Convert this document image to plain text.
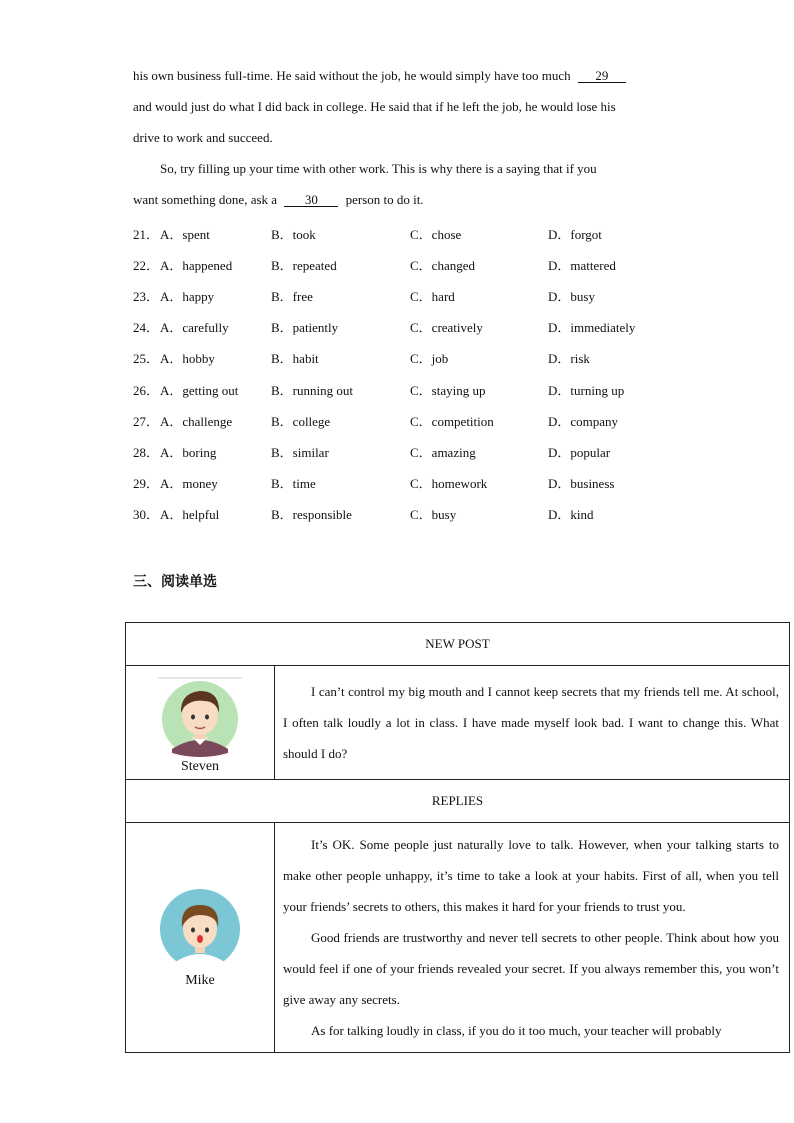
his own business full-time. He said without the job, he would simply have too much 29
and would just do what I did back in college. He said that if he left the job, he would lose his
drive to work and succeed.
So, try filling up your time with other work. This is why there is a saying that if you
want something done, ask a 30 person to do it.
21． A．spent	B．took	C．chose	D．forgot
22． A．happened	B．repeated	C．changed	D．mattered
23． A．happy	B．free	C．hard	D．busy
24． A．carefully	B．patiently	C．creatively	D．immediately
25． A．hobby	B．habit	C．job	D．risk
26． A．getting out	B．running out	C．staying up	D．turning up
27． A．challenge	B．college	C．competition	D．company
28． A．boring	B．similar	C．amazing	D．popular
29． A．money	B．time	C．homework	D．business
30． A．helpful	B．responsible	C．busy	D．kind
三、阅读单选
NEW POST	

Steven	I can’t control my big mouth and I cannot keep secrets that my friends tell me. At school, I often talk loudly a lot in class. I have made myself look bad. I want to change this. What should I do?

REPLIES	

Mike	It’s OK. Some people just naturally love to talk. However, when your talking starts to make other people unhappy, it’s time to take a look at your habits. First of all, when you tell your friends’ secrets to others, this makes it hard for your friends to trust you.

Good friends are trustworthy and never tell secrets to other people. Think about how you would feel if one of your friends revealed your secret. If you always remember this, you won’t give away any secrets.

As for talking loudly in class, if you do it too much, your teacher will probably
